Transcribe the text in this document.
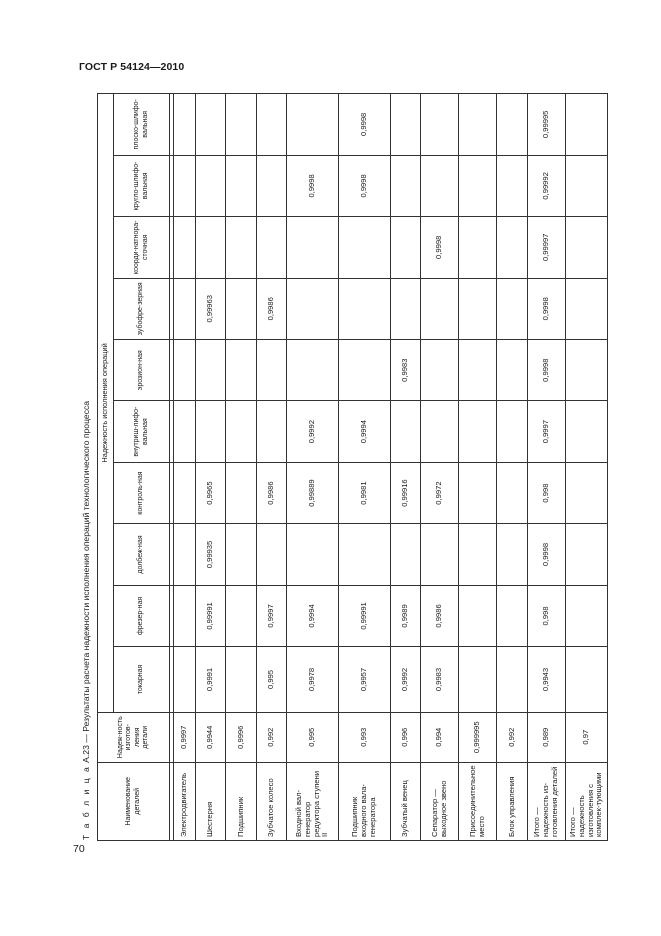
ГОСТ Р 54124—2010
Т а б л и ц а А.23 — Результаты расчета надежности исполнения операций технологического процесса
Наименование деталей	Надеж-ность изготов-ления детали	Надежность исполнения операций									
		токарная	фрезер-ная	долбеж-ная	контроль-ная	внутриш-лифо-вальная	эрозион-ная	зубофре-зерная	коорди-натнора-сточная	кругло-шлифо-вальная	плоско-шлифо-вальная

Электродвигатель	0,9997										
Шестерня	0,9944	0,9991	0,99991	0,99935	0,9965			0,99963			
Подшипник	0,9996										
Зубчатое колесо	0,992	0,995	0,9997		0,9986			0,9986			
Входной вал-генератор редуктора ступени II	0,995	0,9978	0,9994		0,99889	0,9992				0,9998	
Подшипник входного вала-генератора	0,993	0,9957	0,99991		0,9981	0,9994				0,9998	0,9998
Зубчатый венец	0,996	0,9992	0,9989		0,99916		0,9983				
Сепаратор — выходное звено	0,994	0,9983	0,9986		0,9972				0,9998		
Присоединительное место	0,999995										
Блок управления	0,992										
Итого — надежность из-готовления деталей	0,989	0,9943	0,998	0,9998	0,998	0,9997	0,9998	0,9998	0,99997	0,99992	0,99995
Итого — надежность изготовления с комплек-тующими	0,97										
70
